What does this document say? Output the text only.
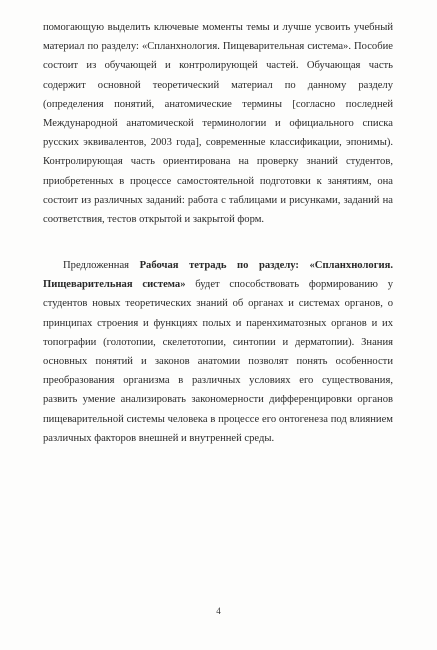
помогающую выделить ключевые моменты темы и лучше усвоить учебный материал по разделу: «Спланхнология. Пищеварительная система». Пособие состоит из обучающей и контролирующей частей. Обучающая часть содержит основной теоретический материал по данному разделу (определения понятий, анатомические термины [согласно последней Международной анатомической терминологии и официального списка русских эквивалентов, 2003 года], современные классификации, эпонимы). Контролирующая часть ориентирована на проверку знаний студентов, приобретенных в процессе самостоятельной подготовки к занятиям, она состоит из различных заданий: работа с таблицами и рисунками, заданий на соответствия, тестов открытой и закрытой форм.

Предложенная Рабочая тетрадь по разделу: «Спланхнология. Пищеварительная система» будет способствовать формированию у студентов новых теоретических знаний об органах и системах органов, о принципах строения и функциях полых и паренхиматозных органов и их топографии (голотопии, скелетотопии, синтопии и дерматопии). Знания основных понятий и законов анатомии позволят понять особенности преобразования организма в различных условиях его существования, развить умение анализировать закономерности дифференцировки органов пищеварительной системы человека в процессе его онтогенеза под влиянием различных факторов внешней и внутренней среды.

4
